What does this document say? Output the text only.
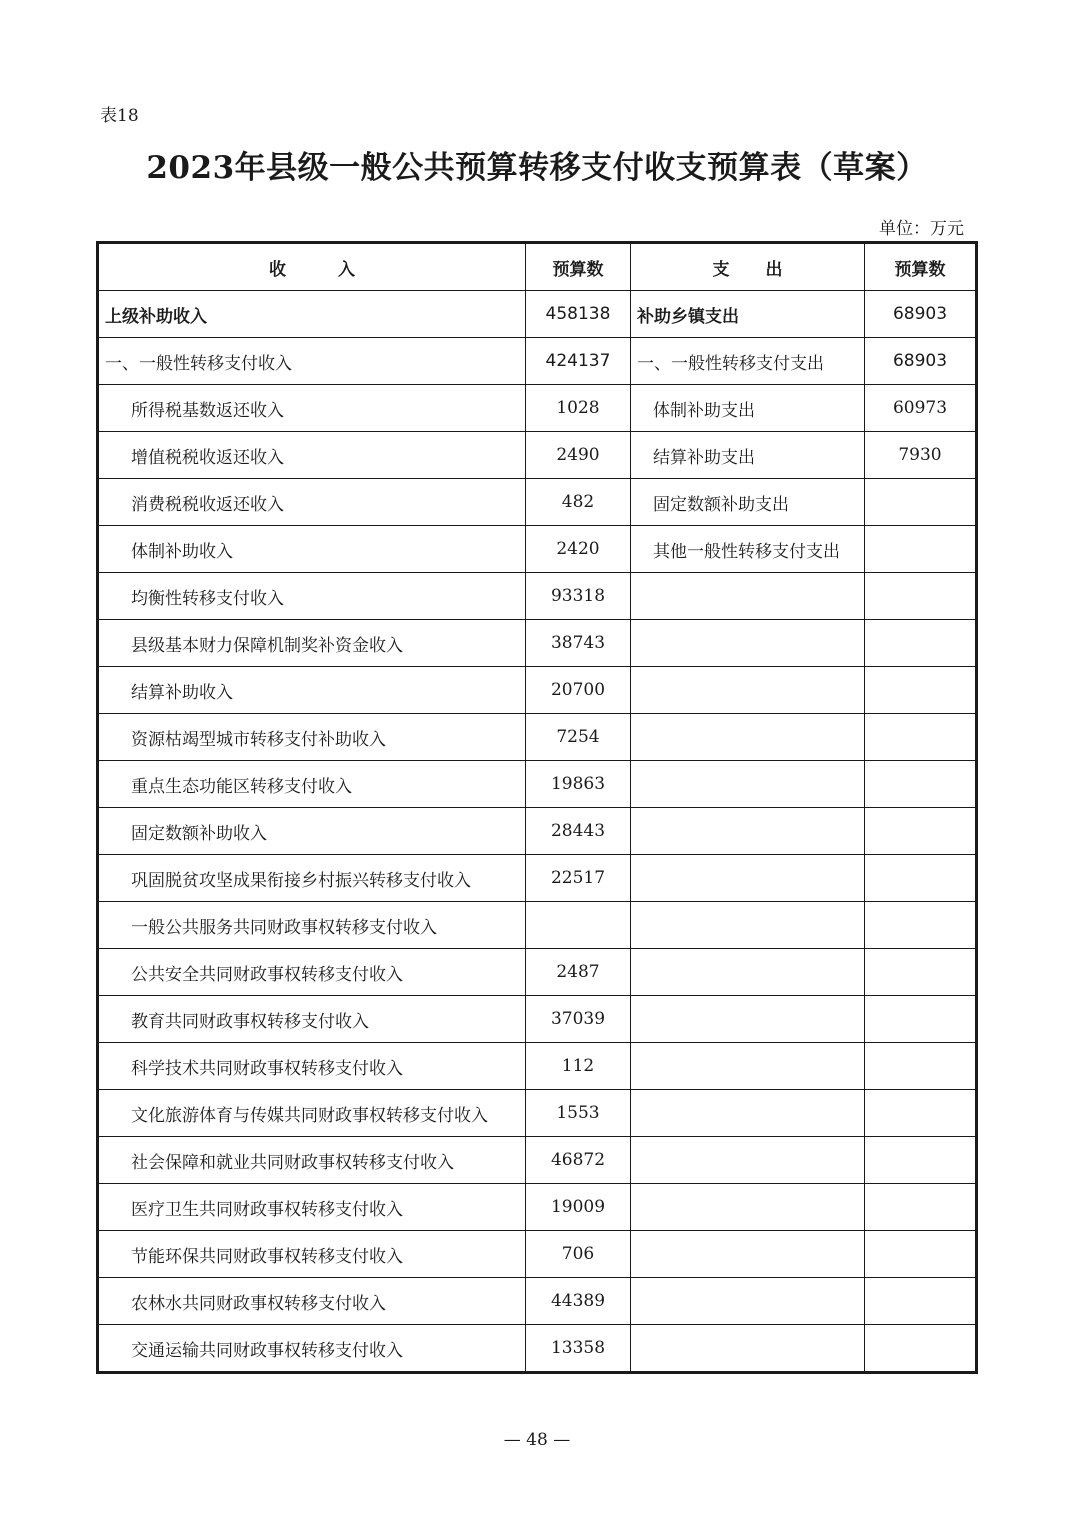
表18
2023年县级一般公共预算转移支付收支预算表（草案）
单位：万元
收入	预算数	支出	预算数
上级补助收入	458138	补助乡镇支出	68903
一、一般性转移支付收入	424137	一、一般性转移支付支出	68903
所得税基数返还收入	1028	体制补助支出	60973
增值税税收返还收入	2490	结算补助支出	7930
消费税税收返还收入	482	固定数额补助支出	
体制补助收入	2420	其他一般性转移支付支出	
均衡性转移支付收入	93318		
县级基本财力保障机制奖补资金收入	38743		
结算补助收入	20700		
资源枯竭型城市转移支付补助收入	7254		
重点生态功能区转移支付收入	19863		
固定数额补助收入	28443		
巩固脱贫攻坚成果衔接乡村振兴转移支付收入	22517		
一般公共服务共同财政事权转移支付收入			
公共安全共同财政事权转移支付收入	2487		
教育共同财政事权转移支付收入	37039		
科学技术共同财政事权转移支付收入	112		
文化旅游体育与传媒共同财政事权转移支付收入	1553		
社会保障和就业共同财政事权转移支付收入	46872		
医疗卫生共同财政事权转移支付收入	19009		
节能环保共同财政事权转移支付收入	706		
农林水共同财政事权转移支付收入	44389		
交通运输共同财政事权转移支付收入	13358		
— 48 —
